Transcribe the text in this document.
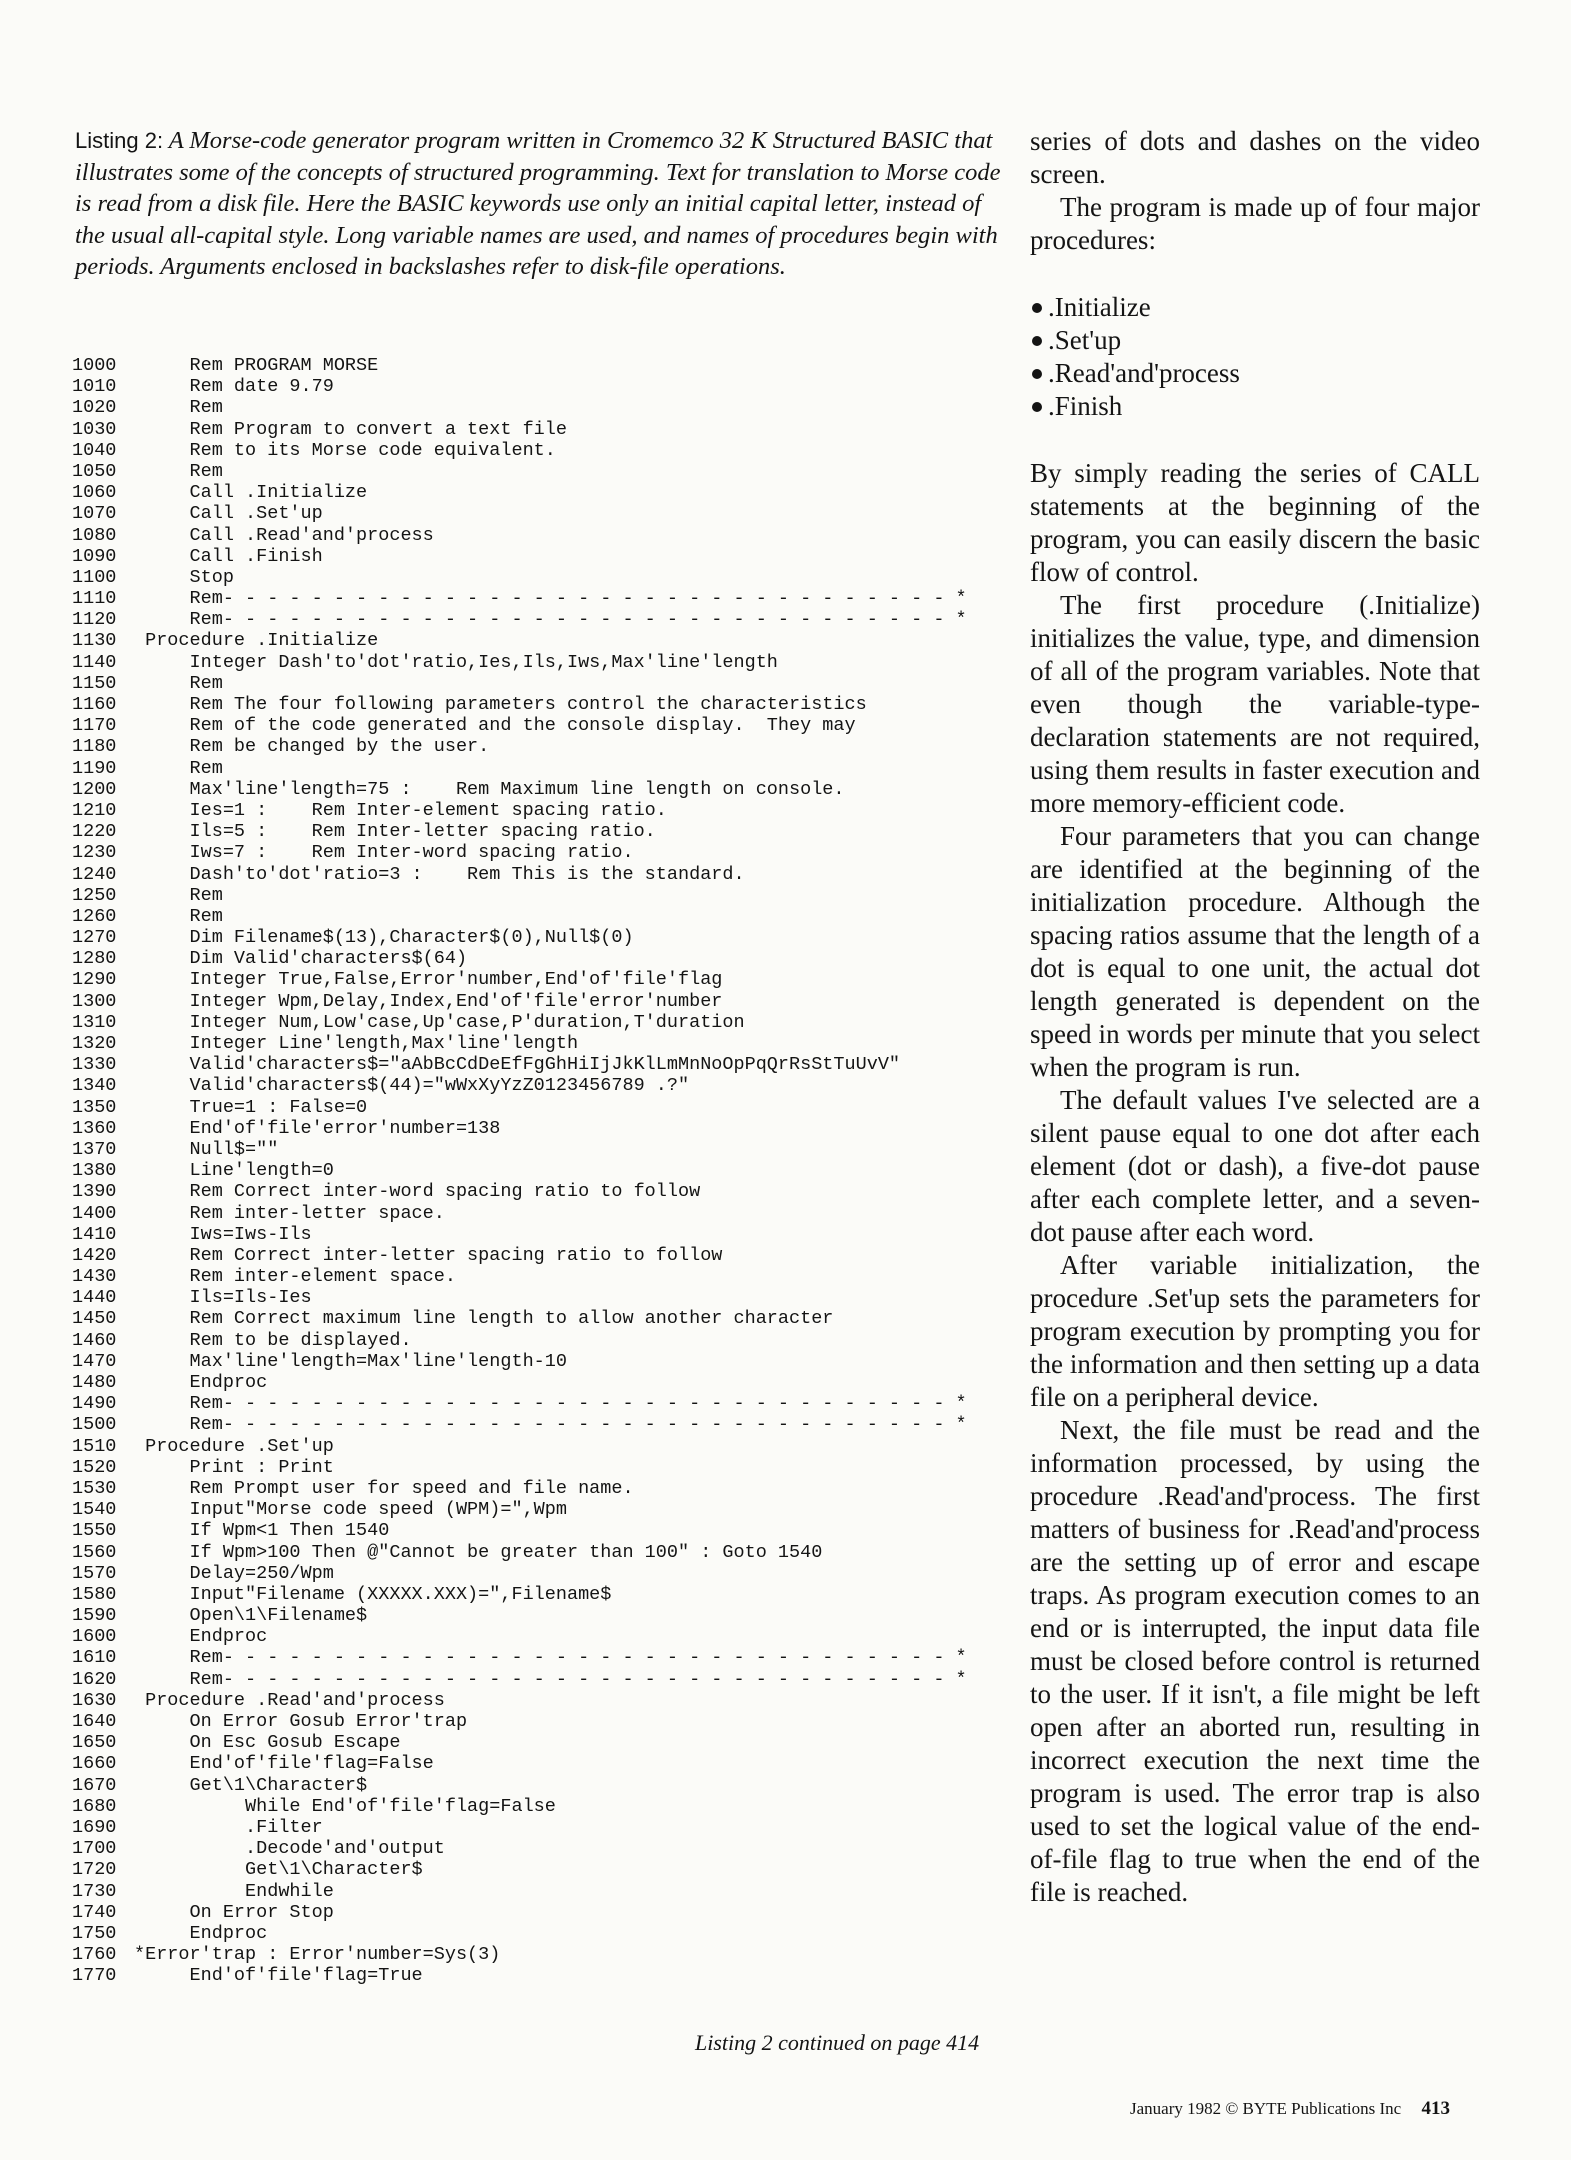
Listing 2: A Morse-code generator program written in Cromemco 32 K Structured BASIC that illustrates some of the concepts of structured programming. Text for translation to Morse code is read from a disk file. Here the BASIC keywords use only an initial capital letter, instead of the usual all-capital style. Long variable names are used, and names of procedures begin with periods. Arguments enclosed in backslashes refer to disk-file operations.
1000 Rem PROGRAM MORSE
1010 Rem date 9.79
1020 Rem
1030 Rem Program to convert a text file
1040 Rem to its Morse code equivalent.
1050 Rem
1060 Call .Initialize
1070 Call .Set'up
1080 Call .Read'and'process
1090 Call .Finish
1100 Stop
1110 Rem- - - - - - - - - - - - - - - - - - - - - - - - - - - - - - - - - *
1120 Rem- - - - - - - - - - - - - - - - - - - - - - - - - - - - - - - - - *
1130 Procedure .Initialize
1140 Integer Dash'to'dot'ratio,Ies,Ils,Iws,Max'line'length
1150 Rem
1160 Rem The four following parameters control the characteristics
1170 Rem of the code generated and the console display.  They may
1180 Rem be changed by the user.
1190 Rem
1200 Max'line'length=75 :    Rem Maximum line length on console.
1210 Ies=1 :    Rem Inter-element spacing ratio.
1220 Ils=5 :    Rem Inter-letter spacing ratio.
1230 Iws=7 :    Rem Inter-word spacing ratio.
1240 Dash'to'dot'ratio=3 :    Rem This is the standard.
1250 Rem
1260 Rem
1270 Dim Filename$(13),Character$(0),Null$(0)
1280 Dim Valid'characters$(64)
1290 Integer True,False,Error'number,End'of'file'flag
1300 Integer Wpm,Delay,Index,End'of'file'error'number
1310 Integer Num,Low'case,Up'case,P'duration,T'duration
1320 Integer Line'length,Max'line'length
1330 Valid'characters$="aAbBcCdDeEfFgGhHiIjJkKlLmMnNoOpPqQrRsStTuUvV"
1340 Valid'characters$(44)="wWxXyYzZ0123456789 .?"
1350 True=1 : False=0
1360 End'of'file'error'number=138
1370 Null$=""
1380 Line'length=0
1390 Rem Correct inter-word spacing ratio to follow
1400 Rem inter-letter space.
1410 Iws=Iws-Ils
1420 Rem Correct inter-letter spacing ratio to follow
1430 Rem inter-element space.
1440 Ils=Ils-Ies
1450 Rem Correct maximum line length to allow another character
1460 Rem to be displayed.
1470 Max'line'length=Max'line'length-10
1480 Endproc
1490 Rem- - - - - - - - - - - - - - - - - - - - - - - - - - - - - - - - - *
1500 Rem- - - - - - - - - - - - - - - - - - - - - - - - - - - - - - - - - *
1510 Procedure .Set'up
1520 Print : Print
1530 Rem Prompt user for speed and file name.
1540 Input"Morse code speed (WPM)=",Wpm
1550 If Wpm<1 Then 1540
1560 If Wpm>100 Then @"Cannot be greater than 100" : Goto 1540
1570 Delay=250/Wpm
1580 Input"Filename (XXXXX.XXX)=",Filename$
1590 Open\1\Filename$
1600 Endproc
1610 Rem- - - - - - - - - - - - - - - - - - - - - - - - - - - - - - - - - *
1620 Rem- - - - - - - - - - - - - - - - - - - - - - - - - - - - - - - - - *
1630 Procedure .Read'and'process
1640 On Error Gosub Error'trap
1650 On Esc Gosub Escape
1660 End'of'file'flag=False
1670 Get\1\Character$
1680 While End'of'file'flag=False
1690 .Filter
1700 .Decode'and'output
1720 Get\1\Character$
1730 Endwhile
1740 On Error Stop
1750 Endproc
1760 *Error'trap : Error'number=Sys(3)
1770 End'of'file'flag=True
Listing 2 continued on page 414

series of dots and dashes on the video screen.

The program is made up of four major procedures:

.Initialize
.Set'up
.Read'and'process
.Finish

By simply reading the series of CALL statements at the beginning of the program, you can easily discern the basic flow of control.

The first procedure (.Initialize) initializes the value, type, and dimension of all of the program variables. Note that even though the variable-type-declaration statements are not required, using them results in faster execution and more memory-efficient code.

Four parameters that you can change are identified at the beginning of the initialization procedure. Although the spacing ratios assume that the length of a dot is equal to one unit, the actual dot length generated is dependent on the speed in words per minute that you select when the program is run.

The default values I've selected are a silent pause equal to one dot after each element (dot or dash), a five-dot pause after each complete letter, and a seven-dot pause after each word.

After variable initialization, the procedure .Set'up sets the parameters for program execution by prompting you for the information and then setting up a data file on a peripheral device.

Next, the file must be read and the information processed, by using the procedure .Read'and'process. The first matters of business for .Read'and'process are the setting up of error and escape traps. As program execution comes to an end or is interrupted, the input data file must be closed before control is returned to the user. If it isn't, a file might be left open after an aborted run, resulting in incorrect execution the next time the program is used. The error trap is also used to set the logical value of the end-of-file flag to true when the end of the file is reached.

January 1982 © BYTE Publications Inc 413
